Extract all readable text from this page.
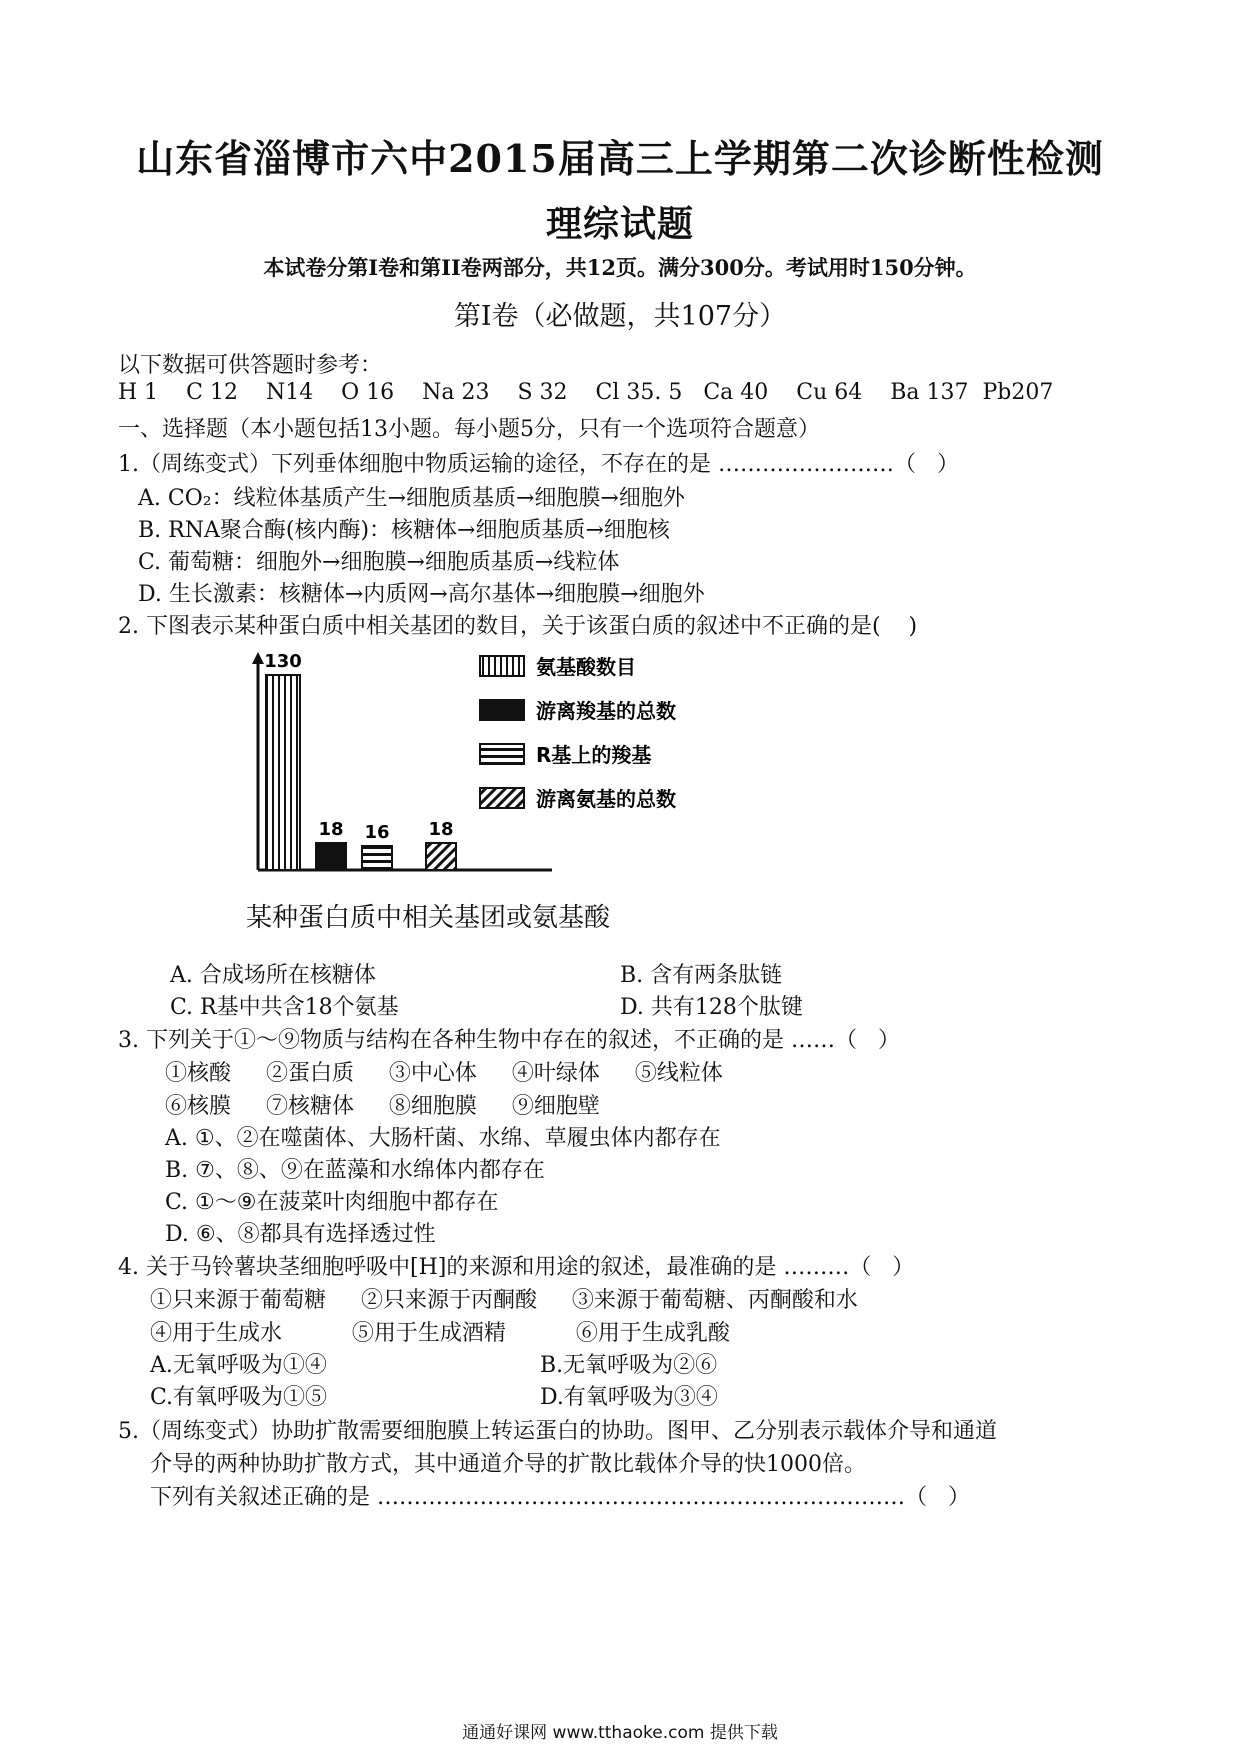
山东省淄博市六中2015届高三上学期第二次诊断性检测
理综试题
本试卷分第Ⅰ卷和第II卷两部分，共12页。满分300分。考试用时150分钟。
第Ⅰ卷（必做题，共107分）
以下数据可供答题时参考：
H 1    C 12    N14    O 16    Na 23    S 32    Cl 35. 5   Ca 40    Cu 64    Ba 137  Pb207
一、选择题（本小题包括13小题。每小题5分，只有一个选项符合题意）
1.（周练变式）下列垂体细胞中物质运输的途径，不存在的是 ……………………（   ）
A. CO₂：线粒体基质产生→细胞质基质→细胞膜→细胞外
B. RNA聚合酶(核内酶)：核糖体→细胞质基质→细胞核
C. 葡萄糖：细胞外→细胞膜→细胞质基质→线粒体
D. 生长激素：核糖体→内质网→高尔基体→细胞膜→细胞外
2. 下图表示某种蛋白质中相关基团的数目，关于该蛋白质的叙述中不正确的是(    )
130
18 16 18
氨基酸数目
游离羧基的总数
R基上的羧基
游离氨基的总数
某种蛋白质中相关基团或氨基酸
A. 合成场所在核糖体	B. 含有两条肽链
C. R基中共含18个氨基	D. 共有128个肽键
3. 下列关于①～⑨物质与结构在各种生物中存在的叙述，不正确的是 ……（   ）
①核酸     ②蛋白质     ③中心体     ④叶绿体     ⑤线粒体
⑥核膜     ⑦核糖体     ⑧细胞膜     ⑨细胞壁
A. ①、②在噬菌体、大肠杆菌、水绵、草履虫体内都存在
B. ⑦、⑧、⑨在蓝藻和水绵体内都存在
C. ①～⑨在菠菜叶肉细胞中都存在
D. ⑥、⑧都具有选择透过性
4. 关于马铃薯块茎细胞呼吸中[H]的来源和用途的叙述，最准确的是 ………（   ）
①只来源于葡萄糖     ②只来源于丙酮酸     ③来源于葡萄糖、丙酮酸和水
④用于生成水          ⑤用于生成酒精          ⑥用于生成乳酸
A.无氧呼吸为①④	B.无氧呼吸为②⑥
C.有氧呼吸为①⑤	D.有氧呼吸为③④
5.（周练变式）协助扩散需要细胞膜上转运蛋白的协助。图甲、乙分别表示载体介导和通道
介导的两种协助扩散方式，其中通道介导的扩散比载体介导的快1000倍。
下列有关叙述正确的是 ………………………………………………………………（   ）
通通好课网 www.tthaoke.com 提供下载
